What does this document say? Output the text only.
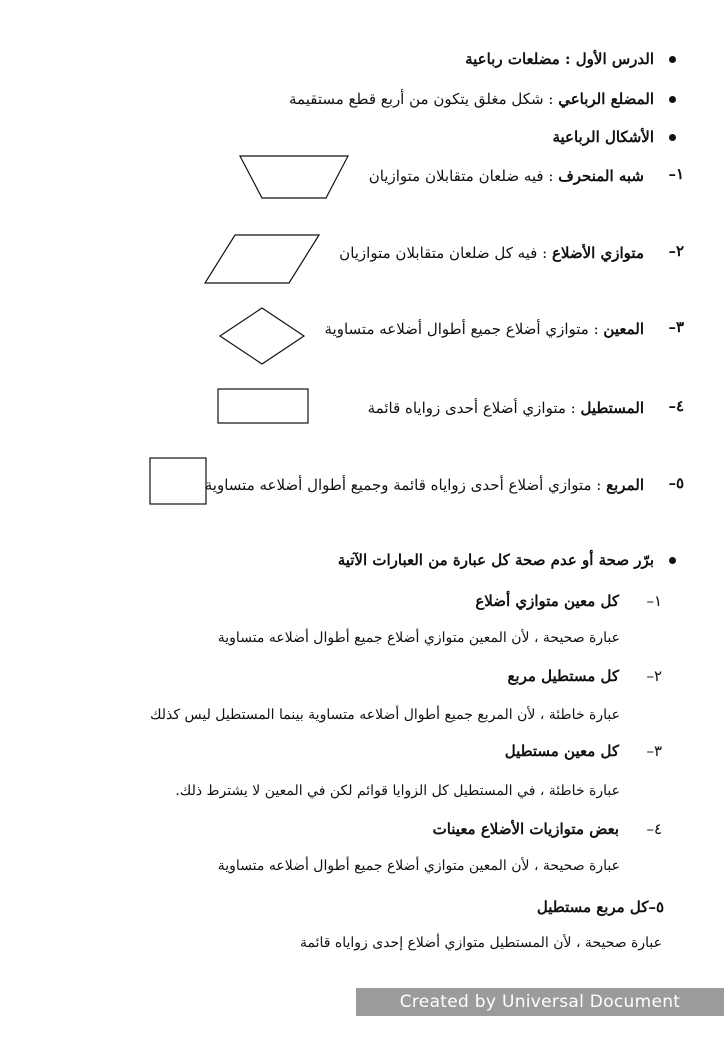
الدرس الأول : مضلعات رباعية
المضلع الرباعي : شكل مغلق يتكون من أربع قطع مستقيمة
الأشكال الرباعية
١–
شبه المنحرف : فيه ضلعان متقابلان متوازيان
٢–
متوازي الأضلاع : فيه كل ضلعان متقابلان متوازيان
٣–
المعين : متوازي أضلاع جميع أطوال أضلاعه متساوية
٤–
المستطيل : متوازي أضلاع أحدى زواياه قائمة
٥–
المربع : متوازي أضلاع أحدى زواياه قائمة وجميع أطوال أضلاعه متساوية
برّر صحة أو عدم صحة كل عبارة من العبارات الآتية
١–
كل معين متوازي أضلاع
عبارة صحيحة ، لأن المعين متوازي أضلاع جميع أطوال أضلاعه متساوية
٢–
كل مستطيل مربع
عبارة خاطئة ، لأن المربع جميع أطوال أضلاعه متساوية بينما المستطيل ليس كذلك
٣–
كل معين مستطيل
عبارة خاطئة ، في المستطيل كل الزوايا قوائم لكن في المعين لا يشترط ذلك.
٤–
بعض متوازيات الأضلاع معينات
عبارة صحيحة ، لأن المعين متوازي أضلاع جميع أطوال أضلاعه متساوية
٥–كل مربع مستطيل
عبارة صحيحة ، لأن المستطيل متوازي أضلاع إحدى زواياه قائمة
Created by Universal Document Converter
